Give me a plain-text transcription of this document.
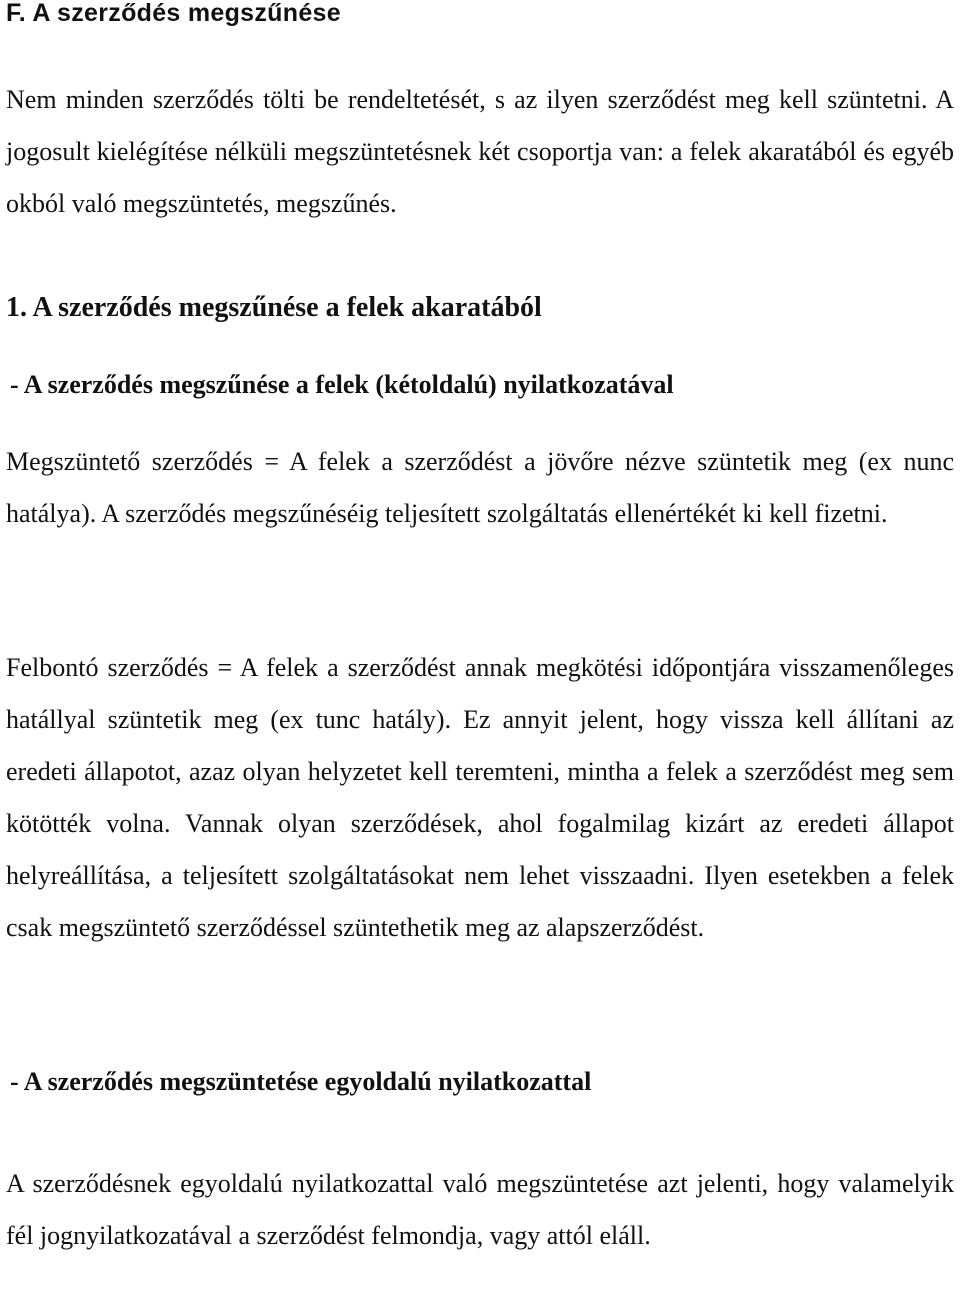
F. A szerződés megszűnése

Nem minden szerződés tölti be rendeltetését, s az ilyen szerződést meg kell szüntetni. A jogosult kielégítése nélküli megszüntetésnek két csoportja van: a felek akaratából és egyéb okból való megszüntetés, megszűnés.

1. A szerződés megszűnése a felek akaratából
- A szerződés megszűnése a felek (kétoldalú) nyilatkozatával

Megszüntető szerződés = A felek a szerződést a jövőre nézve szüntetik meg (ex nunc hatálya). A szerződés megszűnéséig teljesített szolgáltatás ellenértékét ki kell fizetni.

Felbontó szerződés = A felek a szerződést annak megkötési időpontjára visszamenőleges hatállyal szüntetik meg (ex tunc hatály). Ez annyit jelent, hogy vissza kell állítani az eredeti állapotot, azaz olyan helyzetet kell teremteni, mintha a felek a szerződést meg sem kötötték volna. Vannak olyan szerződések, ahol fogalmilag kizárt az eredeti állapot helyreállítása, a teljesített szolgáltatásokat nem lehet visszaadni. Ilyen esetekben a felek csak megszüntető szerződéssel szüntethetik meg az alapszerződést.

- A szerződés megszüntetése egyoldalú nyilatkozattal

A szerződésnek egyoldalú nyilatkozattal való megszüntetése azt jelenti, hogy valamelyik fél jognyilatkozatával a szerződést felmondja, vagy attól eláll.
